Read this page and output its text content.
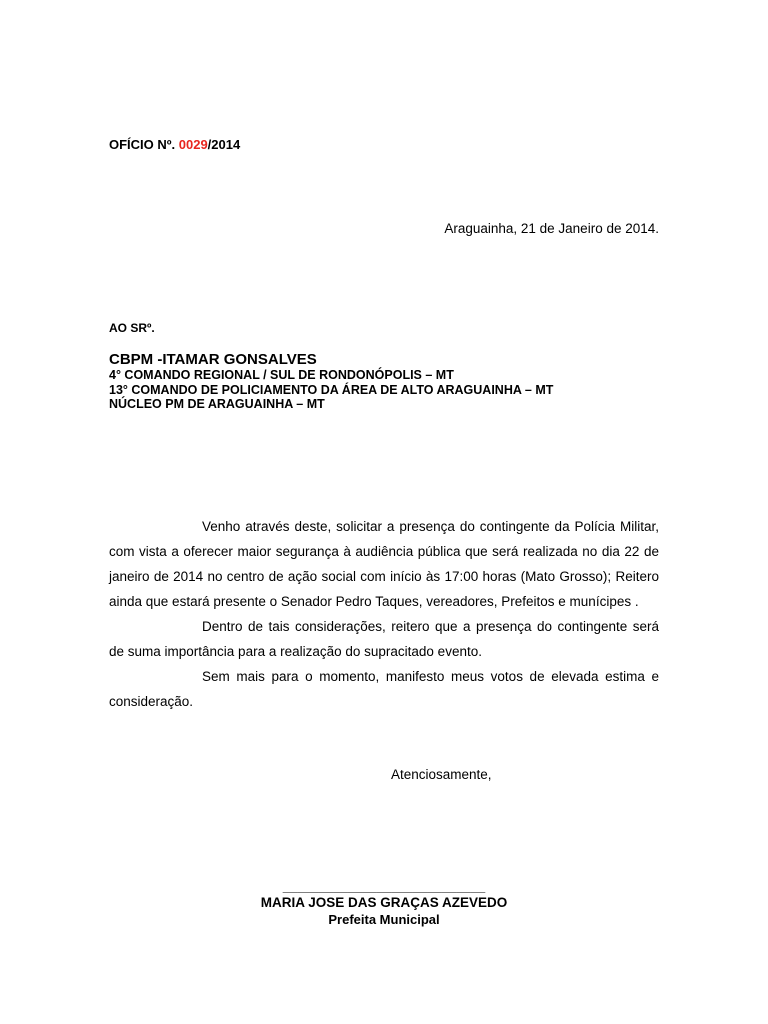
OFÍCIO Nº. 0029/2014
Araguainha, 21 de Janeiro de 2014.
AO SRº.
CBPM -ITAMAR GONSALVES
4° COMANDO REGIONAL / SUL DE RONDONÓPOLIS – MT
13° COMANDO DE POLICIAMENTO DA ÁREA DE ALTO ARAGUAINHA – MT
NÚCLEO PM DE ARAGUAINHA – MT

Venho através deste, solicitar a presença do contingente da Polícia Militar, com vista a oferecer maior segurança à audiência pública que será realizada no dia 22 de janeiro de 2014 no centro de ação social com início às 17:00 horas (Mato Grosso); Reitero ainda que estará presente o Senador Pedro Taques, vereadores, Prefeitos e munícipes .

Dentro de tais considerações, reitero que a presença do contingente será de suma importância para a realização do supracitado evento.

Sem mais para o momento, manifesto meus votos de elevada estima e consideração.

Atenciosamente,
____________________________
MARIA JOSE DAS GRAÇAS AZEVEDO
Prefeita Municipal
